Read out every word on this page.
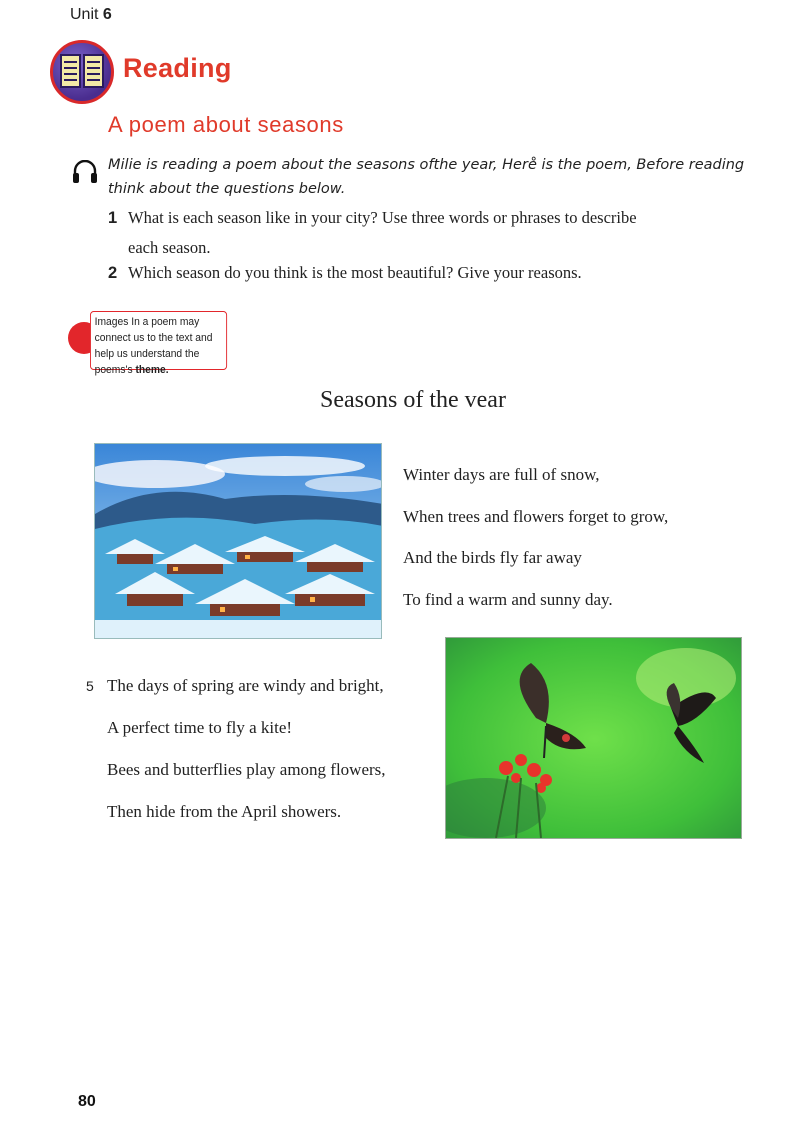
Unit 6
Reading
A poem about seasons
Milie is reading a poem about the seasons ofthe year, Here̊ is the poem, Before reading think about the questions below.
1 What is each season like in your city? Use three words or phrases to describe
each season.
2 Which season do you think is the most beautiful? Give your reasons.
Images In a poem may connect us to the text and help us understand the poems's theme.
Seasons of the vear
Winter days are full of snow,
When trees and flowers forget to grow,
And the birds fly far away
To find a warm and sunny day.
5 The days of spring are windy and bright,
A perfect time to fly a kite!
Bees and butterflies play among flowers,
Then hide from the April showers.
80
